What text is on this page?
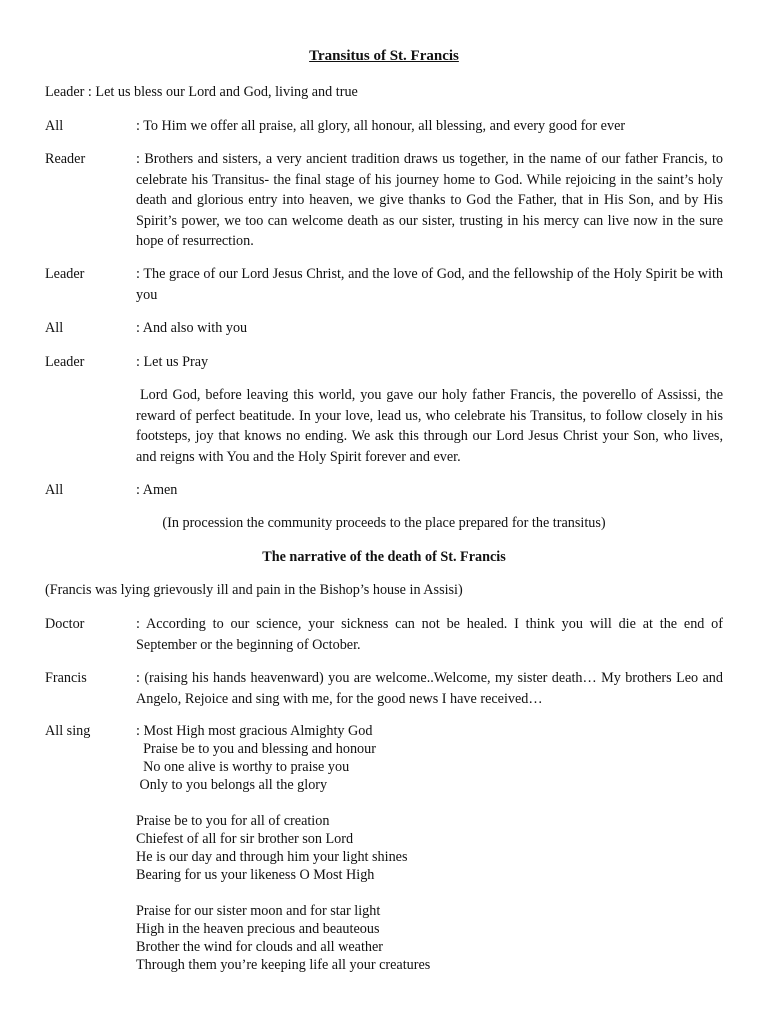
Transitus of St. Francis
Leader : Let us bless our Lord and God, living and true
All	: To Him we offer all praise, all glory, all honour, all blessing, and every good for ever
Reader	: Brothers and sisters, a very ancient tradition draws us together, in the name of our father Francis, to celebrate his Transitus- the final stage of his journey home to God. While rejoicing in the saint’s holy death and glorious entry into heaven, we give thanks to God the Father, that in His Son, and by His Spirit’s power, we too can welcome death as our sister, trusting in his mercy can live now in the sure hope of resurrection.
Leader	: The grace of our Lord Jesus Christ, and the love of God, and the fellowship of the Holy Spirit be with you
All	: And also with you
Leader	: Let us Pray
Lord God, before leaving this world, you gave our holy father Francis, the poverello of Assissi, the reward of perfect beatitude. In your love, lead us, who celebrate his Transitus, to follow closely in his footsteps, joy that knows no ending. We ask this through our Lord Jesus Christ your Son, who lives, and reigns with You and the Holy Spirit forever and ever.
All	: Amen
(In procession the community proceeds to the place prepared for the transitus)
The narrative of the death of St. Francis
(Francis was lying grievously ill and pain in the Bishop’s house in Assisi)
Doctor	: According to our science, your sickness can not be healed. I think you will die at the end of September or the beginning of October.
Francis	: (raising his hands heavenward) you are welcome..Welcome, my sister death… My brothers Leo and Angelo, Rejoice and sing with me, for the good news I have received…
All sing	: Most High most gracious Almighty God
Praise be to you and blessing and honour
No one alive is worthy to praise you
Only to you belongs all the glory
Praise be to you for all of creation
Chiefest of all for sir brother son Lord
He is our day and through him your light shines
Bearing for us your likeness O Most High
Praise for our sister moon and for star light
High in the heaven precious and beauteous
Brother the wind for clouds and all weather
Through them you’re keeping life all your creatures
